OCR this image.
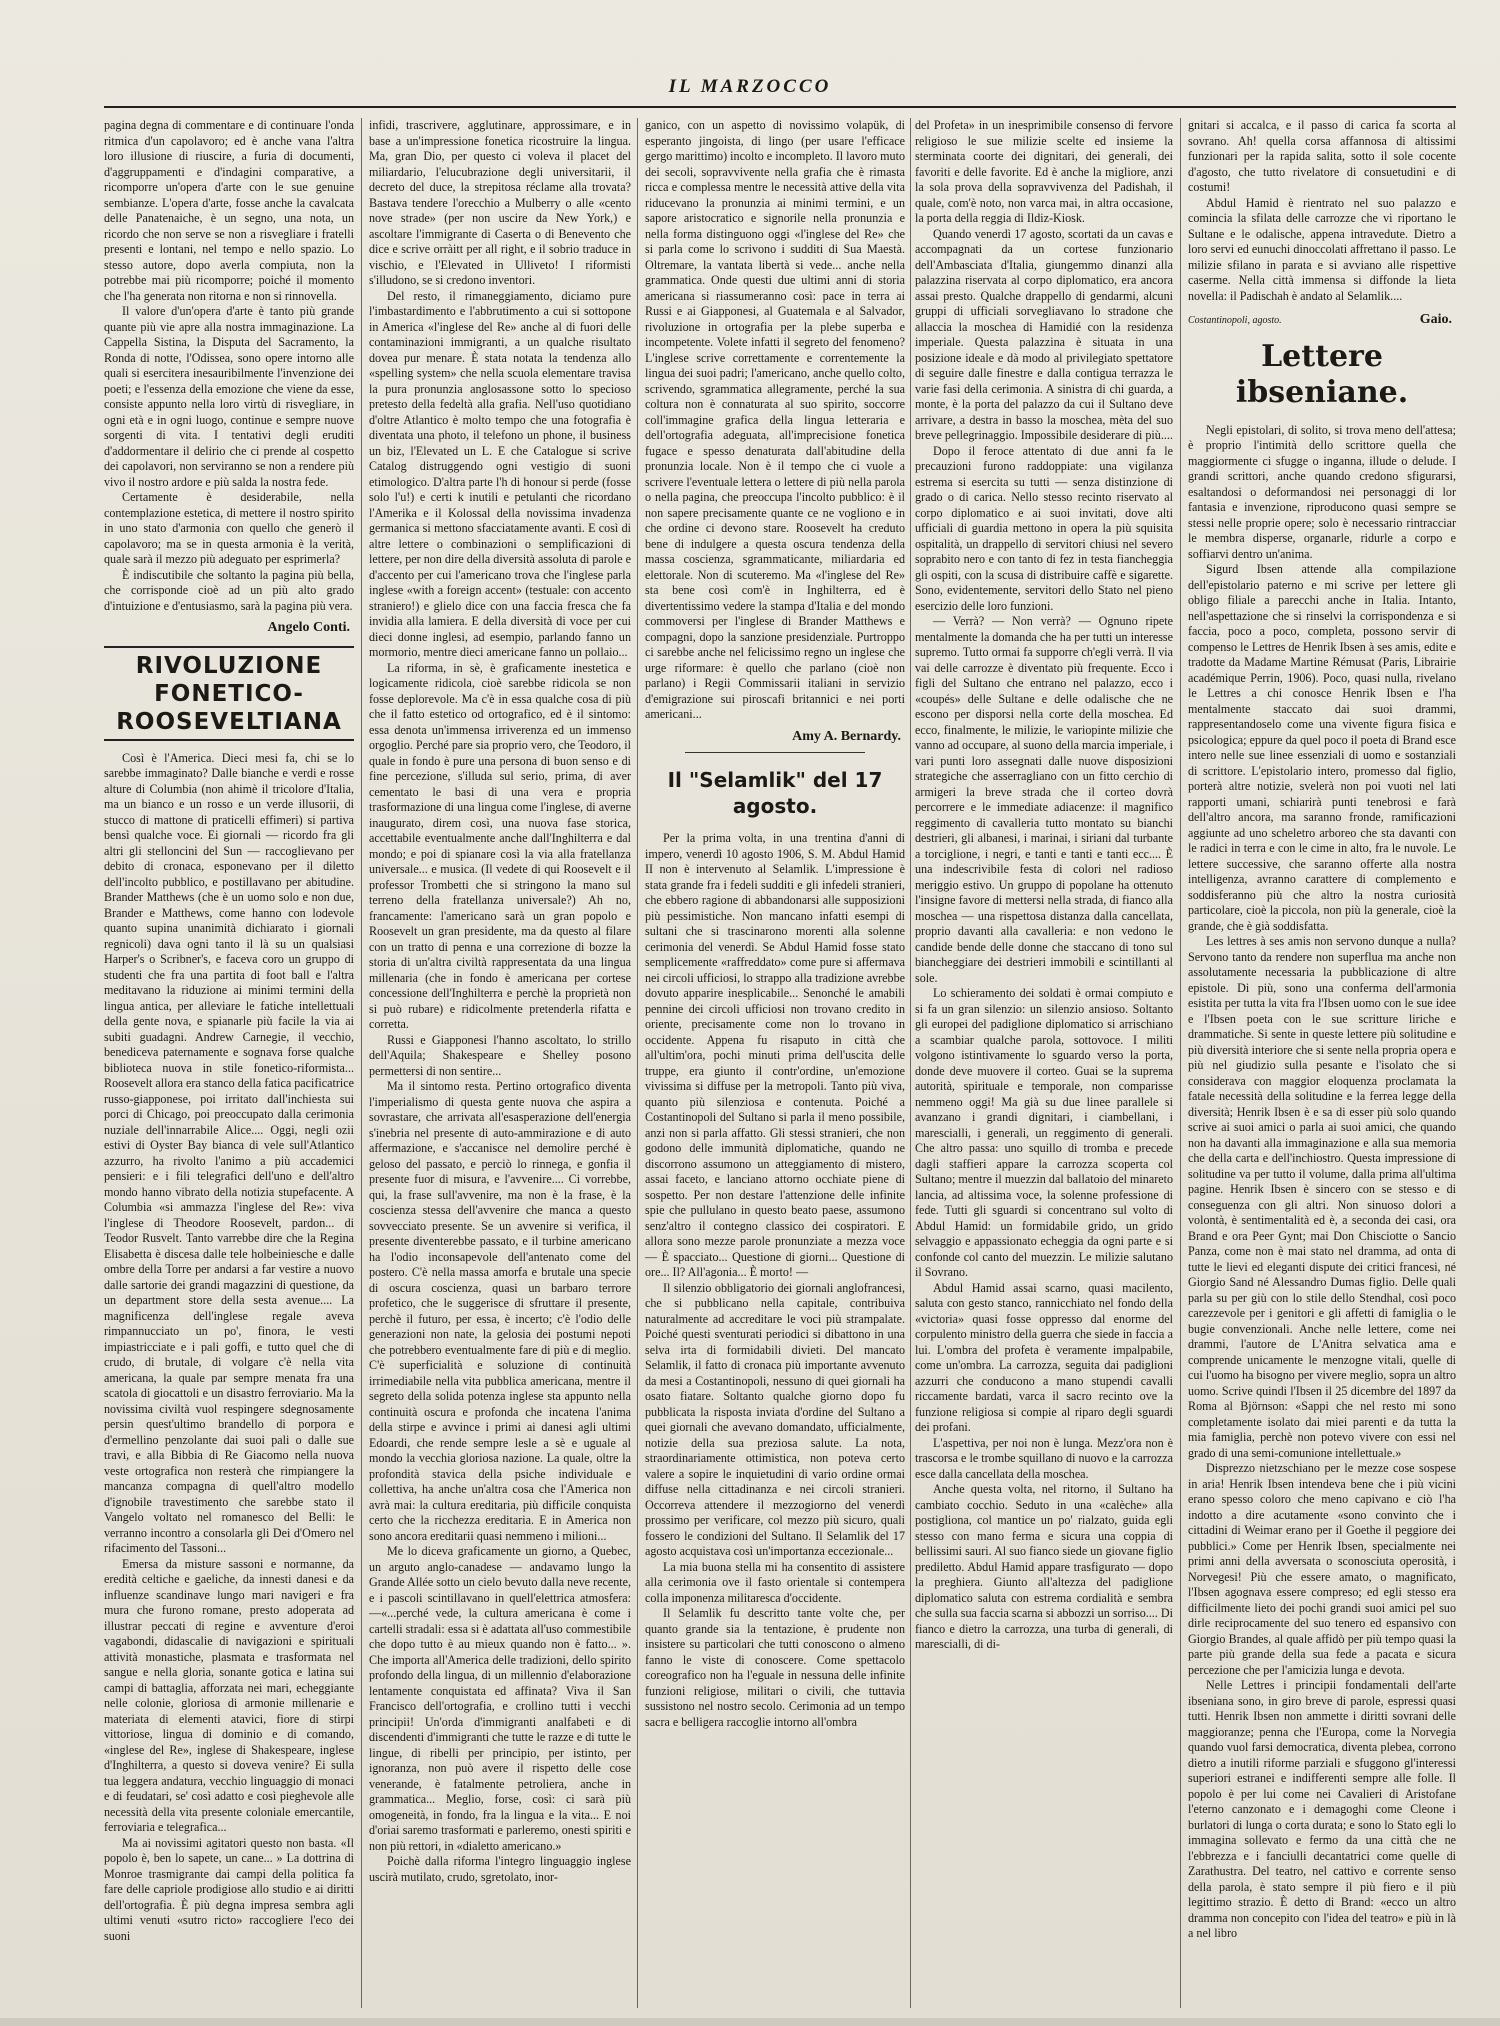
IL MARZOCCO

pagina degna di commentare e di continuare l'onda ritmica d'un capolavoro; ed è anche vana l'altra loro illusione di riuscire, a furia di documenti, d'aggruppamenti e d'indagini comparative, a ricomporre un'opera d'arte con le sue genuine sembianze. L'opera d'arte, fosse anche la cavalcata delle Panatenaiche, è un segno, una nota, un ricordo che non serve se non a risvegliare i fratelli presenti e lontani, nel tempo e nello spazio. Lo stesso autore, dopo averla compiuta, non la potrebbe mai più ricomporre; poiché il momento che l'ha generata non ritorna e non si rinnovella.

Il valore d'un'opera d'arte è tanto più grande quante più vie apre alla nostra immaginazione. La Cappella Sistina, la Disputa del Sacramento, la Ronda di notte, l'Odissea, sono opere intorno alle quali si esercitera inesauribilmente l'invenzione dei poeti; e l'essenza della emozione che viene da esse, consiste appunto nella loro virtù di risvegliare, in ogni età e in ogni luogo, continue e sempre nuove sorgenti di vita. I tentativi degli eruditi d'addormentare il delirio che ci prende al cospetto dei capolavori, non serviranno se non a rendere più vivo il nostro ardore e più salda la nostra fede.

Certamente è desiderabile, nella contemplazione estetica, di mettere il nostro spirito in uno stato d'armonia con quello che generò il capolavoro; ma se in questa armonia è la verità, quale sarà il mezzo più adeguato per esprimerla?

È indiscutibile che soltanto la pagina più bella, che corrisponde cioè ad un più alto grado d'intuizione e d'entusiasmo, sarà la pagina più vera.

Angelo Conti.
RIVOLUZIONE FONETICO-ROOSEVELTIANA

Così è l'America. Dieci mesi fa, chi se lo sarebbe immaginato? Dalle bianche e verdi e rosse alture di Columbia (non ahimè il tricolore d'Italia, ma un bianco e un rosso e un verde illusorii, di stucco di mattone di praticelli effimeri) si partiva bensì qualche voce. Ei giornali — ricordo fra gli altri gli stelloncini del Sun — raccoglievano per debito di cronaca, esponevano per il diletto dell'incolto pubblico, e postillavano per abitudine. Brander Matthews (che è un uomo solo e non due, Brander e Matthews, come hanno con lodevole quanto supina unanimità dichiarato i giornali regnicoli) dava ogni tanto il là su un qualsiasi Harper's o Scribner's, e faceva coro un gruppo di studenti che fra una partita di foot ball e l'altra meditavano la riduzione ai minimi termini della lingua antica, per alleviare le fatiche intellettuali della gente nova, e spianarle più facile la via ai subiti guadagni. Andrew Carnegie, il vecchio, benedicevа paternamente e sognava forse qualche biblioteca nuova in stile fonetico-riformista... Roosevelt allora era stanco della fatica pacificatrice russo-giapponese, poi irritato dall'inchiesta sui porci di Chicago, poi preoccupato dalla cerimonia nuziale dell'innarrabile Alice.... Oggi, negli ozii estivi di Oyster Bay bianca di vele sull'Atlantico azzurro, ha rivolto l'animo a più accademici pensieri: e i fili telegrafici dell'uno e dell'altro mondo hanno vibrato della notizia stupefacente. A Columbia «si ammazza l'inglese del Re»: viva l'inglese di Theodore Roosevelt, pardon... di Teodor Rusvelt. Tanto varrebbe dire che la Regina Elisabetta è discesa dalle tele holbeiniesche e dalle ombre della Torre per andarsi a far vestire a nuovo dalle sartorie dei grandi magazzini di questione, da un department store della sesta avenue.... La magnificenza dell'inglese regale aveva rimpannucciato un po', finora, le vesti impiastricciate e i pali goffi, e tutto quel che di crudo, di brutale, di volgare c'è nella vita americana, la quale par sempre menata fra una scatola di giocattoli e un disastro ferroviario. Ma la novissima civiltà vuol respingere sdegnosamente persin quest'ultimo brandello di porpora e d'ermellino penzolante dai suoi pali o dalle sue travi, e alla Bibbia di Re Giacomo nella nuova veste ortografica non resterà che rimpiangere la mancanza compagna di quell'altro modello d'ignobile travestimento che sarebbe stato il Vangelo voltato nel romanesco del Belli: le verranno incontro a consolarla gli Dei d'Omero nel rifacimento del Tassoni...

Emersa da misture sassoni e normanne, da eredità celtiche e gaeliche, da innesti danesi e da influenze scandinave lungo mari navigeri e fra mura che furono romane, presto adoperata ad illustrar peccati di regine e avventure d'eroi vagabondi, didascalie di navigazioni e spirituali attività monastiche, plasmata e trasformata nel sangue e nella gloria, sonante gotica e latina sui campi di battaglia, afforzata nei mari, echeggiante nelle colonie, gloriosa di armonie millenarie e materiata di elementi atavici, fiore di stirpi vittoriose, lingua di dominio e di comando, «inglese del Re», inglese di Shakespeare, inglese d'Inghilterra, a questo si doveva venire? Ei sulla tua leggera andatura, vecchio linguaggio di monaci e di feudatari, se' così adatto e così pieghevole alle necessità della vita presente coloniale emercantile, ferroviaria e telegrafica...

Ma ai novissimi agitatori questo non basta. «Il popolo è, ben lo sapete, un cane... » La dottrina di Monroe trasmigrante dai campi della politica fa fare delle capriole prodigiose allo studio e ai diritti dell'ortografia. È più degna impresa sembra agli ultimi venuti «sutro ricto» raccogliere l'eco dei suoni

infidi, trascrivere, agglutinare, approssimare, e in base a un'impressione fonetica ricostruire la lingua. Ma, gran Dio, per questo ci voleva il placet del miliardario, l'elucubrazione degli universitarii, il decreto del duce, la strepitosa réclame alla trovata? Bastava tendere l'orecchio a Mulberry o alle «cento nove strade» (per non uscire da New York,) e ascoltare l'immigrante di Caserta o di Benevento che dice e scrive orràitt per all right, e il sobrio traduce in vischio, e l'Elevated in Ulliveto! I riformisti s'illudono, se si credono inventori.

Del resto, il rimaneggiamento, diciamo pure l'imbastardimento e l'abbrutimento a cui si sottopone in America «l'inglese del Re» anche al di fuori delle contaminazioni immigranti, a un qualche risultato dovea pur menare. È stata notata la tendenza allo «spelling system» che nella scuola elementare travisa la pura pronunzia anglosassone sotto lo specioso pretesto della fedeltà alla grafia. Nell'uso quotidiano d'oltre Atlantico è molto tempo che una fotografia è diventata una photo, il telefono un phone, il business un biz, l'Elevated un L. E che Catalogue si scrive Catalog distruggendo ogni vestigio di suoni etimologico. D'altra parte l'h di honour si perde (fosse solo l'u!) e certi k inutili e petulanti che ricordano l'Amerika e il Kolossal della novissima invadenza germanica si mettono sfacciatamente avanti. E così di altre lettere o combinazioni o semplificazioni di lettere, per non dire della diversità assoluta di parole e d'accento per cui l'americano trova che l'inglese parla inglese «with a foreign accent» (testuale: con accento straniero!) e glielo dice con una faccia fresca che fa invidia alla lamiera. E della diversità di voce per cui dieci donne inglesi, ad esempio, parlando fanno un mormorio, mentre dieci americane fanno un pollaio...

La riforma, in sè, è graficamente inestetica e logicamente ridicola, cioè sarebbe ridicola se non fosse deplorevole. Ma c'è in essa qualche cosa di più che il fatto estetico od ortografico, ed è il sintomo: essa denota un'immensa irriverenza ed un immenso orgoglio. Perché pare sia proprio vero, che Teodoro, il quale in fondo è pure una persona di buon senso e di fine percezione, s'illuda sul serio, prima, di aver cementato le basi di una vera e propria trasformazione di una lingua come l'inglese, di averne inaugurato, direm così, una nuova fase storica, accettabile eventualmente anche dall'Inghilterra e dal mondo; e poi di spianare così la via alla fratellanza universale... e musica. (Il vedete di qui Roosevelt e il professor Trombetti che si stringono la mano sul terreno della fratellanza universale?) Ah no, francamente: l'americano sarà un gran popolo e Roosevelt un gran presidente, ma da questo al filare con un tratto di penna e una correzione di bozze la storia di un'altra civiltà rappresentata da una lingua millenaria (che in fondo è americana per cortese concessione dell'Inghilterra e perchè la proprietà non si può rubare) e ridicolmente pretenderla rifatta e corretta.

Russi e Giapponesi l'hanno ascoltato, lo strillo dell'Aquila; Shakespeare e Shelley posono permettersi di non sentire...

Ma il sintomo resta. Pertino ortografico diventa l'imperialismo di questa gente nuova che aspira a sovrastare, che arrivata all'esasperazione dell'energia s'inebria nel presente di auto-ammirazione e di auto affermazione, e s'accanisce nel demolire perché è geloso del passato, e perciò lo rinnega, e gonfia il presente fuor di misura, e l'avvenire.... Ci vorrebbe, qui, la frase sull'avvenire, ma non è la frase, è la coscienza stessa dell'avvenire che manca a questo sovvecciato presente. Se un avvenire si verifica, il presente diventerebbe passato, e il turbine americano ha l'odio inconsapevole dell'antenato come del postero. C'è nella massa amorfa e brutale una specie di oscura coscienza, quasi un barbaro terrore profetico, che le suggerisce di sfruttare il presente, perchè il futuro, per essa, è incerto; c'è l'odio delle generazioni non nate, la gelosia dei postumi nepoti che potrebbero eventualmente fare di più e di meglio. C'è superficialità e soluzione di continuità irrimediabile nella vita pubblica americana, mentre il segreto della solida potenza inglese sta appunto nella continuità oscura e profonda che incatena l'anima della stirpe e avvince i primi ai danesi agli ultimi Edoardi, che rende sempre lesle a sè e uguale al mondo la vecchia gloriosa nazione. La quale, oltre la profondità stavica della psiche individuale e collettiva, ha anche un'altra cosa che l'America non avrà mai: la cultura ereditaria, più difficile conquista certo che la ricchezza ereditaria. E in America non sono ancora ereditarii quasi nemmeno i milioni...

Me lo diceva graficamente un giorno, a Quebec, un arguto anglo-canadese — andavamo lungo la Grande Allée sotto un cielo bevuto dalla neve recente, e i pascoli scintillavano in quell'elettrica atmosfera: —«...perché vede, la cultura americana è come i cartelli stradali: essa si è adattata all'uso commestibile che dopo tutto è au mieux quando non è fatto... ». Che importa all'America delle tradizioni, dello spirito profondo della lingua, di un millennio d'elaborazione lentamente conquistata ed affinata? Viva il San Francisco dell'ortografia, e crollino tutti i vecchi principii! Un'orda d'immigranti analfabeti e di discendenti d'immigranti che tutte le razze e di tutte le lingue, di ribelli per principio, per istinto, per ignoranza, non può avere il rispetto delle cose venerande, è fatalmente petroliera, anche in grammatica... Meglio, forse, così: ci sarà più omogeneità, in fondo, fra la lingua e la vita... E noi d'oriai saremo trasformati e parleremo, onesti spiriti e non più rettori, in «dialetto americano.»

Poichè dalla riforma l'integro linguaggio inglese uscirà mutilato, crudo, sgretolato, inor-

ganico, con un aspetto di novissimo volapük, di esperanto jingoista, di lingo (per usare l'efficace gergo marittimo) incolto e incompleto. Il lavoro muto dei secoli, sopravvivente nella grafia che è rimasta ricca e complessa mentre le necessità attive della vita riducevano la pronunzia ai minimi termini, e un sapore aristocratico e signorile nella pronunzia e nella forma distinguono oggi «l'inglese del Re» che si parla come lo scrivono i sudditi di Sua Maestà. Oltremare, la vantata libertà si vede... anche nella grammatica. Onde questi due ultimi anni di storia americana si riassumeranno così: pace in terra ai Russi e ai Giapponesi, al Guatemala e al Salvador, rivoluzione in ortografia per la plebe superba e incompetente. Volete infatti il segreto del fenomeno? L'inglese scrive correttamente e correntemente la lingua dei suoi padri; l'americano, anche quello colto, scrivendo, sgrammatica allegramente, perché la sua coltura non è connaturata al suo spirito, soccorre coll'immagine grafica della lingua letteraria e dell'ortografia adeguata, all'imprecisione fonetica fugace e spesso denaturata dall'abitudine della pronunzia locale. Non è il tempo che ci vuole a scrivere l'eventuale lettera o lettere di più nella parola o nella pagina, che preoccupa l'incolto pubblico: è il non sapere precisamente quante ce ne vogliono e in che ordine ci devono stare. Roosevelt ha creduto bene di indulgere a questa oscura tendenza della massa coscienza, sgrammaticante, miliardaria ed elettorale. Non di scuteremo. Ma «l'inglese del Re» sta bene così com'è in Inghilterra, ed è divertentissimo vedere la stampa d'Italia e del mondo commoversi per l'inglese di Brander Matthews e compagni, dopo la sanzione presidenziale. Purtroppo ci sarebbe anche nel felicissimo regno un inglese che urge riformare: è quello che parlano (cioè non parlano) i Regii Commissarii italiani in servizio d'emigrazione sui piroscafi britannici e nei porti americani...

Amy A. Bernardy.
Il "Selamlik" del 17 agosto.

Per la prima volta, in una trentina d'anni di impero, venerdì 10 agosto 1906, S. M. Abdul Hamid II non è intervenuto al Selamlik. L'impressione è stata grande fra i fedeli sudditi e gli infedeli stranieri, che ebbero ragione di abbandonarsi alle supposizioni più pessimistiche. Non mancano infatti esempi di sultani che si trascinarono morenti alla solenne cerimonia del venerdì. Se Abdul Hamid fosse stato semplicemente «raffreddato» come pure si affermava nei circoli ufficiosi, lo strappo alla tradizione avrebbe dovuto apparire inesplicabile... Senonché le amabili pennine dei circoli ufficiosi non trovano credito in oriente, precisamente come non lo trovano in occidente. Appena fu risaputo in città che all'ultim'ora, pochi minuti prima dell'uscita delle truppe, era giunto il contr'ordine, un'emozione vivissima si diffuse per la metropoli. Tanto più viva, quanto più silenziosa e contenuta. Poiché a Costantinopoli del Sultano si parla il meno possibile, anzi non si parla affatto. Gli stessi stranieri, che non godono delle immunità diplomatiche, quando ne discorrono assumono un atteggiamento di mistero, assai faceto, e lanciano attorno occhiate piene di sospetto. Per non destare l'attenzione delle infinite spie che pullulano in questo beato paese, assumono senz'altro il contegno classico dei cospiratori. E allora sono mezze parole pronunziate a mezza voce — È spacciato... Questione di giorni... Questione di ore... Il? All'agonia... È morto! —

Il silenzio obbligatorio dei giornali anglofrancesi, che si pubblicano nella capitale, contribuiva naturalmente ad accreditare le voci più strampalate. Poiché questi sventurati periodici si dibattono in una selva irta di formidabili divieti. Del mancato Selamlik, il fatto di cronaca più importante avvenuto da mesi a Costantinopoli, nessuno di quei giornali ha osato fiatare. Soltanto qualche giorno dopo fu pubblicata la risposta inviata d'ordine del Sultano a quei giornali che avevano domandato, ufficialmente, notizie della sua preziosa salute. La nota, straordinariamente ottimistica, non poteva certo valere a sopire le inquietudini di vario ordine ormai diffuse nella cittadinanza e nei circoli stranieri. Occorreva attendere il mezzogiorno del venerdì prossimo per verificare, col mezzo più sicuro, quali fossero le condizioni del Sultano. Il Selamlik del 17 agosto acquistava così un'importanza eccezionale...

La mia buona stella mi ha consentito di assistere alla cerimonia ove il fasto orientale si contempera colla imponenza militaresca d'occidente.

Il Selamlik fu descritto tante volte che, per quanto grande sia la tentazione, è prudente non insistere su particolari che tutti conoscono o almeno fanno le viste di conoscere. Come spettacolo coreografico non ha l'eguale in nessuna delle infinite funzioni religiose, militari o civili, che tuttavia sussistono nel nostro secolo. Cerimonia ad un tempo sacra e belligera raccoglie intorno all'ombra

del Profeta» in un inesprimibile consenso di fervore religioso le sue milizie scelte ed insieme la sterminata coorte dei dignitari, dei generali, dei favoriti e delle favorite. Ed è anche la migliore, anzi la sola prova della sopravvivenza del Padishah, il quale, com'è noto, non varca mai, in altra occasione, la porta della reggia di Ildiz-Kiosk.

Quando venerdì 17 agosto, scortati da un cavas e accompagnati da un cortese funzionario dell'Ambasciata d'Italia, giungemmo dinanzi alla palazzina riservata al corpo diplomatico, era ancora assai presto. Qualche drappello di gendarmi, alcuni gruppi di ufficiali sorvegliavano lo stradone che allaccia la moschea di Hamidié con la residenza imperiale. Questa palazzina è situata in una posizione ideale e dà modo al privilegiato spettatore di seguire dalle finestre e dalla contigua terrazza le varie fasi della cerimonia. A sinistra di chi guarda, a monte, è la porta del palazzo da cui il Sultano deve arrivare, a destra in basso la moschea, mèta del suo breve pellegrinaggio. Impossibile desiderare di più....

Dopo il feroce attentato di due anni fa le precauzioni furono raddoppiate: una vigilanza estrema si esercita su tutti — senza distinzione di grado o di carica. Nello stesso recinto riservato al corpo diplomatico e ai suoi invitati, dove alti ufficiali di guardia mettono in opera la più squisita ospitalità, un drappello di servitori chiusi nel severo soprabito nero e con tanto di fez in testa fiancheggia gli ospiti, con la scusa di distribuire caffè e sigarette. Sono, evidentemente, servitori dello Stato nel pieno esercizio delle loro funzioni.

— Verrà? — Non verrà? — Ognuno ripete mentalmente la domanda che ha per tutti un interesse supremo. Tutto ormai fa supporre ch'egli verrà. Il via vai delle carrozze è diventato più frequente. Ecco i figli del Sultano che entrano nel palazzo, ecco i «coupés» delle Sultane e delle odalische che ne escono per disporsi nella corte della moschea. Ed ecco, finalmente, le milizie, le variopinte milizie che vanno ad occupare, al suono della marcia imperiale, i vari punti loro assegnati dalle nuove disposizioni strategiche che asserragliano con un fitto cerchio di armigeri la breve strada che il corteo dovrà percorrere e le immediate adiacenze: il magnifico reggimento di cavalleria tutto montato su bianchi destrieri, gli albanesi, i marinai, i siriani dal turbante a torciglione, i negri, e tanti e tanti e tanti ecc.... È una indescrivibile festa di colori nel radioso meriggio estivo. Un gruppo di popolane ha ottenuto l'insigne favore di mettersi nella strada, di fianco alla moschea — una rispettosa distanza dalla cancellata, proprio davanti alla cavalleria: e non vedono le candide bende delle donne che staccano di tono sul biancheggiare dei destrieri immobili e scintillanti al sole.

Lo schieramento dei soldati è ormai compiuto e si fa un gran silenzio: un silenzio ansioso. Soltanto gli europei del padiglione diplomatico si arrischiano a scambiar qualche parola, sottovoce. I militi volgono istintivamente lo sguardo verso la porta, donde deve muovere il corteo. Guai se la suprema autorità, spirituale e temporale, non comparisse nemmeno oggi! Ma già su due linee parallele si avanzano i grandi dignitari, i ciambellani, i marescialli, i generali, un reggimento di generali. Che altro passa: uno squillo di tromba e precede dagli staffieri appare la carrozza scoperta col Sultano; mentre il muezzin dal ballatoio del minareto lancia, ad altissima voce, la solenne professione di fede. Tutti gli sguardi si concentrano sul volto di Abdul Hamid: un formidabile grido, un grido selvaggio e appassionato echeggia da ogni parte e si confonde col canto del muezzin. Le milizie salutano il Sovrano.

Abdul Hamid assai scarno, quasi macilento, saluta con gesto stanco, rannicchiato nel fondo della «victoria» quasi fosse oppresso dal enorme del corpulento ministro della guerra che siede in faccia a lui. L'ombra del profeta è veramente impalpabile, come un'ombra. La carrozza, seguita dai padiglioni azzurri che conducono a mano stupendi cavalli riccamente bardati, varca il sacro recinto ove la funzione religiosa si compie al riparo degli sguardi dei profani.

L'aspettiva, per noi non è lunga. Mezz'ora non è trascorsa e le trombe squillano di nuovo e la carrozza esce dalla cancellata della moschea.

Anche questa volta, nel ritorno, il Sultano ha cambiato cocchio. Seduto in una «calèche» alla postigliona, col mantice un po' rialzato, guida egli stesso con mano ferma e sicura una coppia di bellissimi sauri. Al suo fianco siede un giovane figlio prediletto. Abdul Hamid appare trasfigurato — dopo la preghiera. Giunto all'altezza del padiglione diplomatico saluta con estrema cordialità e sembra che sulla sua faccia scarna si abbozzi un sorriso.... Di fianco e dietro la carrozza, una turba di generali, di marescialli, di di-

gnitari si accalca, e il passo di carica fa scorta al sovrano. Ah! quella corsa affannosa di altissimi funzionari per la rapida salita, sotto il sole cocente d'agosto, che tutto rivelatore di consuetudini e di costumi!

Abdul Hamid è rientrato nel suo palazzo e comincia la sfilata delle carrozze che vi riportano le Sultane e le odalische, appena intravedute. Dietro a loro servi ed eunuchi dinoccolati affrettano il passo. Le milizie sfilano in parata e si avviano alle rispettive caserme. Nella città immensa si diffonde la lieta novella: il Padischah è andato al Selamlik....

Costantinopoli, agosto.	Gaio.
Lettere ibseniane.

Negli epistolari, di solito, si trova meno dell'attesa; è proprio l'intimità dello scrittore quella che maggiormente ci sfugge o inganna, illude o delude. I grandi scrittori, anche quando credono sfigurarsi, esaltandosi o deformandosi nei personaggi di lor fantasia e invenzione, riproducono quasi sempre se stessi nelle proprie opere; solo è necessario rintracciar le membra disperse, organarle, ridurle a corpo e soffiarvi dentro un'anima.

Sigurd Ibsen attende alla compilazione dell'epistolario paterno e mi scrive per lettere gli obligo filiale a parecchi anche in Italia. Intanto, nell'aspettazione che si rinselvi la corrispondenza e si faccia, poco a poco, completa, possono servir di compenso le Lettres de Henrik Ibsen à ses amis, edite e tradotte da Madame Martine Rémusat (Paris, Librairie académique Perrin, 1906). Poco, quasi nulla, rivelano le Lettres a chi conosce Henrik Ibsen e l'ha mentalmente staccato dai suoi drammi, rappresentandoselo come una vivente figura fisica e psicologica; eppure da quel poco il poeta di Brand esce intero nelle sue linee essenziali di uomo e sostanziali di scrittore. L'epistolario intero, promesso dal figlio, porterà altre notizie, svelerà non poi vuoti nel lati rapporti umani, schiarirà punti tenebrosi e farà dell'altro ancora, ma saranno fronde, ramificazioni aggiunte ad uno scheletro arboreo che sta davanti con le radici in terra e con le cime in alto, fra le nuvole. Le lettere successive, che saranno offerte alla nostra intelligenza, avranno carattere di complemento e soddisferanno più che altro la nostra curiosità particolare, cioè la piccola, non più la generale, cioè la grande, che è già soddisfatta.

Les lettres à ses amis non servono dunque a nulla? Servono tanto da rendere non superflua ma anche non assolutamente necessaria la pubblicazione di altre epistole. Di più, sono una conferma dell'armonia esistita per tutta la vita fra l'Ibsen uomo con le sue idee e l'Ibsen poeta con le sue scritture liriche e drammatiche. Si sente in queste lettere più solitudine e più diversità interiore che si sente nella propria opera e più nel giudizio sulla pesante e l'isolato che si considerava con maggior eloquenza proclamata la fatale necessità della solitudine e la ferrea legge della diversità; Henrik Ibsen è e sa di esser più solo quando scrive ai suoi amici o parla ai suoi amici, che quando non ha davanti alla immaginazione e alla sua memoria che della carta e dell'inchiostro. Questa impressione di solitudine va per tutto il volume, dalla prima all'ultima pagine. Henrik Ibsen è sincero con se stesso e di conseguenza con gli altri. Non sinuoso dolori a volontà, è sentimentalità ed è, a seconda dei casi, ora Brand e ora Peer Gynt; mai Don Chisciotte o Sancio Panza, come non è mai stato nel dramma, ad onta di tutte le lievi ed eleganti dispute dei critici francesi, né Giorgio Sand né Alessandro Dumas figlio. Delle quali parla su per giù con lo stile dello Stendhal, così poco carezzevole per i genitori e gli affetti di famiglia o le bugie convenzionali. Anche nelle lettere, come nei drammi, l'autore de L'Anitra selvatica ama e comprende unicamente le menzogne vitali, quelle di cui l'uomo ha bisogno per vivere meglio, sopra un altro uomo. Scrive quindi l'Ibsen il 25 dicembre del 1897 da Roma al Björnson: «Sappi che nel resto mi sono completamente isolato dai miei parenti e da tutta la mia famiglia, perchè non potevo vivere con essi nel grado di una semi-comunione intellettuale.»

Disprezzo nietzschiano per le mezze cose sospese in aria! Henrik Ibsen intendeva bene che i più vicini erano spesso coloro che meno capivano e ciò l'ha indotto a dire acutamente «sono convinto che i cittadini di Weimar erano per il Goethe il peggiore dei pubblici.» Come per Henrik Ibsen, specialmente nei primi anni della avversata o sconosciuta operosità, i Norvegesi! Più che essere amato, o magnificato, l'Ibsen agognava essere compreso; ed egli stesso era difficilmente lieto dei pochi grandi suoi amici pel suo dirle reciprocamente del suo tenero ed espansivo con Giorgio Brandes, al quale affidò per più tempo quasi la parte più grande della sua fede a pacata e sicura percezione che per l'amicizia lunga e devota.

Nelle Lettres i principii fondamentali dell'arte ibseniana sono, in giro breve di parole, espressi quasi tutti. Henrik Ibsen non ammette i diritti sovrani delle maggioranze; penna che l'Europa, come la Norvegia quando vuol farsi democratica, diventa plebea, corrono dietro a inutili riforme parziali e sfuggono gl'interessi superiori estranei e indifferenti sempre alle folle. Il popolo è per lui come nei Cavalieri di Aristofane l'eterno canzonato e i demagoghi come Cleone i burlatori di lunga o corta durata; e sono lo Stato egli lo immagina sollevato e fermo da una città che ne l'ebbrezza e i fanciulli decantatrici come quelle di Zarathustra. Del teatro, nel cattivo e corrente senso della parola, è stato sempre il più fiero e il più legittimo strazio. È detto di Brand: «ecco un altro dramma non concepito con l'idea del teatro» e più in là a nel libro
